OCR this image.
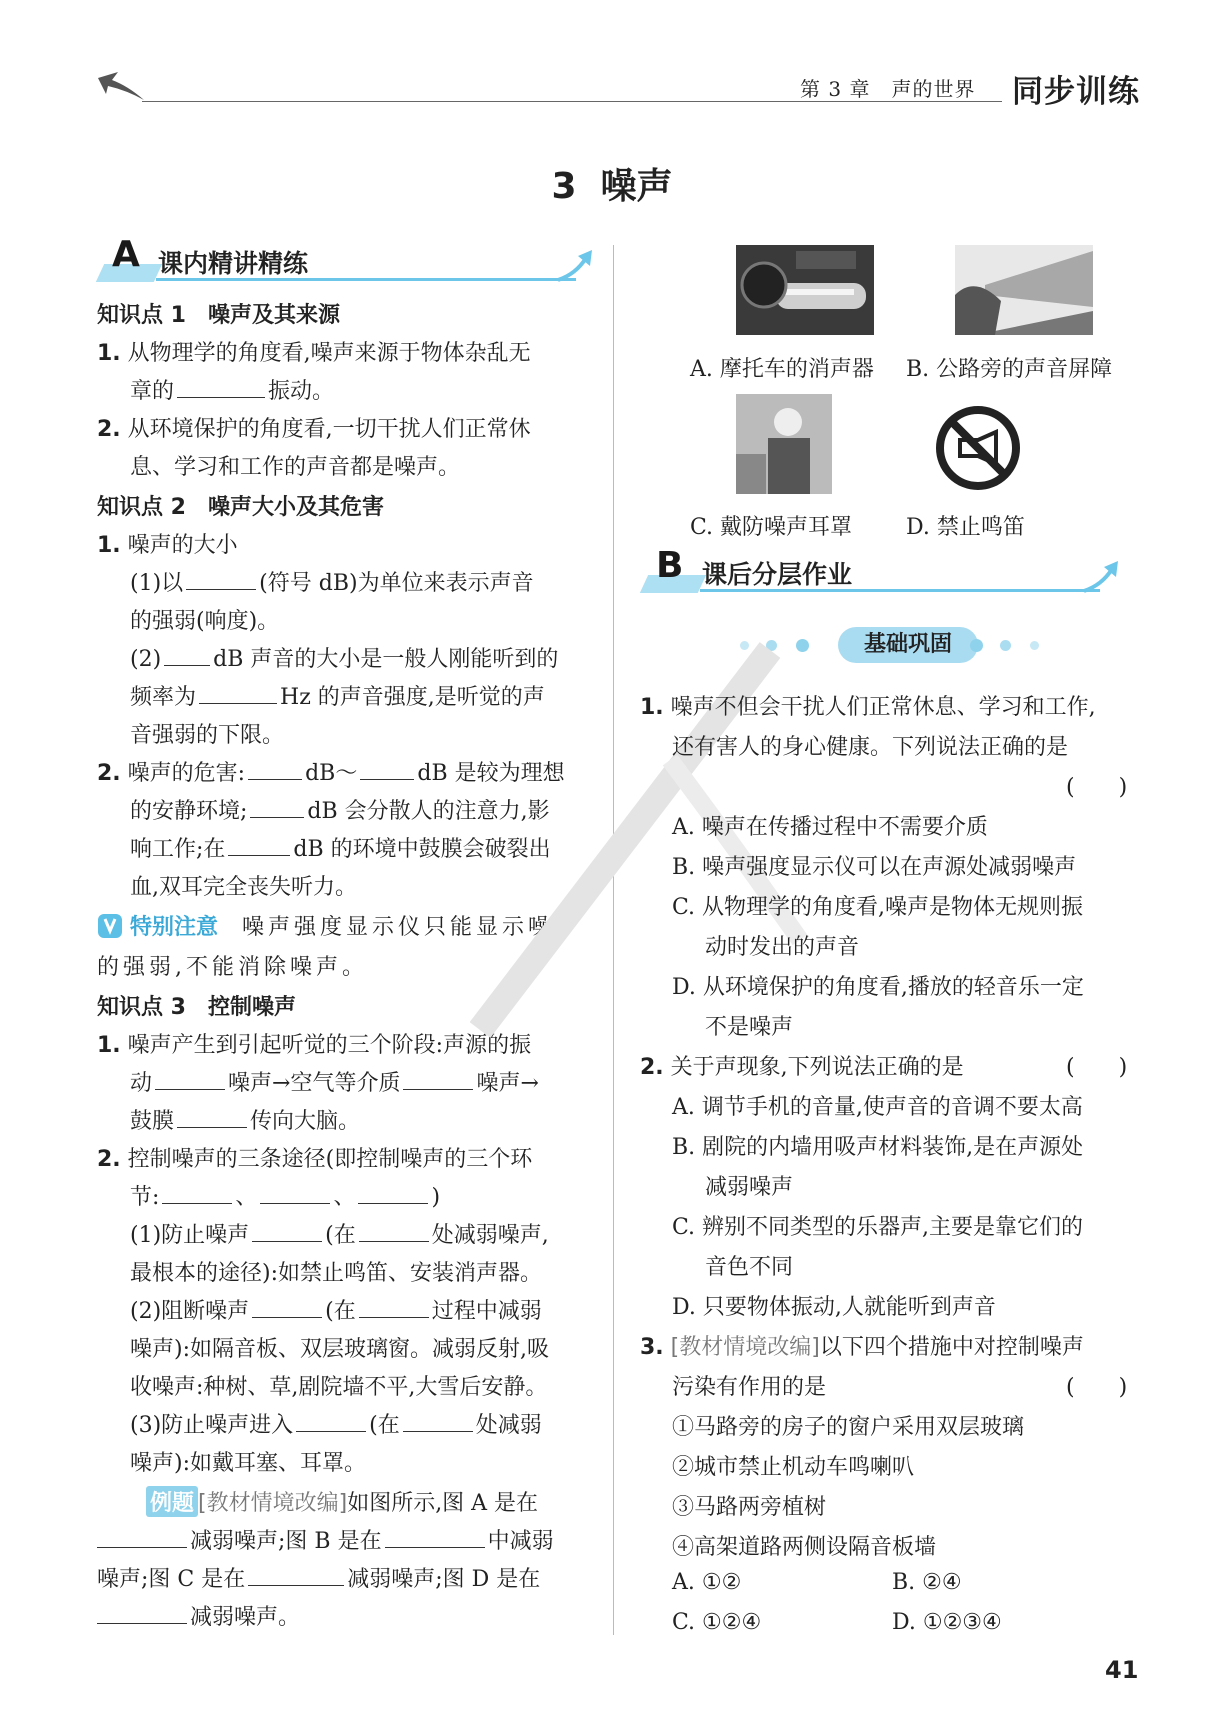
第 3 章　声的世界 同步训练
3 噪声
A 课内精讲精练
知识点 1 噪声及其来源
1. 从物理学的角度看,噪声来源于物体杂乱无
章的	振动。
2. 从环境保护的角度看,一切干扰人们正常休
息、学习和工作的声音都是噪声。
知识点 2 噪声大小及其危害
1. 噪声的大小
(1)以	(符号 dB)为单位来表示声音
的强弱(响度)。
(2) dB 声音的大小是一般人刚能听到的
频率为	Hz 的声音强度,是听觉的声
音强弱的下限。
2. 噪声的危害:	dB～	dB 是较为理想
的安静环境;	dB 会分散人的注意力,影
响工作;在	dB 的环境中鼓膜会破裂出
血,双耳完全丧失听力。
特别注意 噪声强度显示仪只能显示噪声
的强弱,不能消除噪声。
知识点 3 控制噪声
1. 噪声产生到引起听觉的三个阶段:声源的振
动	噪声→空气等介质	噪声→
鼓膜	传向大脑。
2. 控制噪声的三条途径(即控制噪声的三个环
节:	、	、	)
(1)防止噪声	(在	处减弱噪声,
最根本的途径):如禁止鸣笛、安装消声器。
(2)阻断噪声	(在	过程中减弱
噪声):如隔音板、双层玻璃窗。减弱反射,吸
收噪声:种树、草,剧院墙不平,大雪后安静。
(3)防止噪声进入	(在	处减弱
噪声):如戴耳塞、耳罩。
例题 [教材情境改编]如图所示,图 A 是在
减弱噪声;图 B 是在	中减弱
噪声;图 C 是在	减弱噪声;图 D 是在
减弱噪声。
A. 摩托车的消声器 B. 公路旁的声音屏障
C. 戴防噪声耳罩 D. 禁止鸣笛
B 课后分层作业
基础巩固
1. 噪声不但会干扰人们正常休息、学习和工作,
还有害人的身心健康。下列说法正确的是
(　　)
A. 噪声在传播过程中不需要介质
B. 噪声强度显示仪可以在声源处减弱噪声
C. 从物理学的角度看,噪声是物体无规则振
动时发出的声音
D. 从环境保护的角度看,播放的轻音乐一定
不是噪声
2. 关于声现象,下列说法正确的是	(　　)
A. 调节手机的音量,使声音的音调不要太高
B. 剧院的内墙用吸声材料装饰,是在声源处
减弱噪声
C. 辨别不同类型的乐器声,主要是靠它们的
音色不同
D. 只要物体振动,人就能听到声音
3. [教材情境改编]以下四个措施中对控制噪声
污染有作用的是	(　　)
①马路旁的房子的窗户采用双层玻璃
②城市禁止机动车鸣喇叭
③马路两旁植树
④高架道路两侧设隔音板墙
A. ①②	B. ②④
C. ①②④	D. ①②③④
41
